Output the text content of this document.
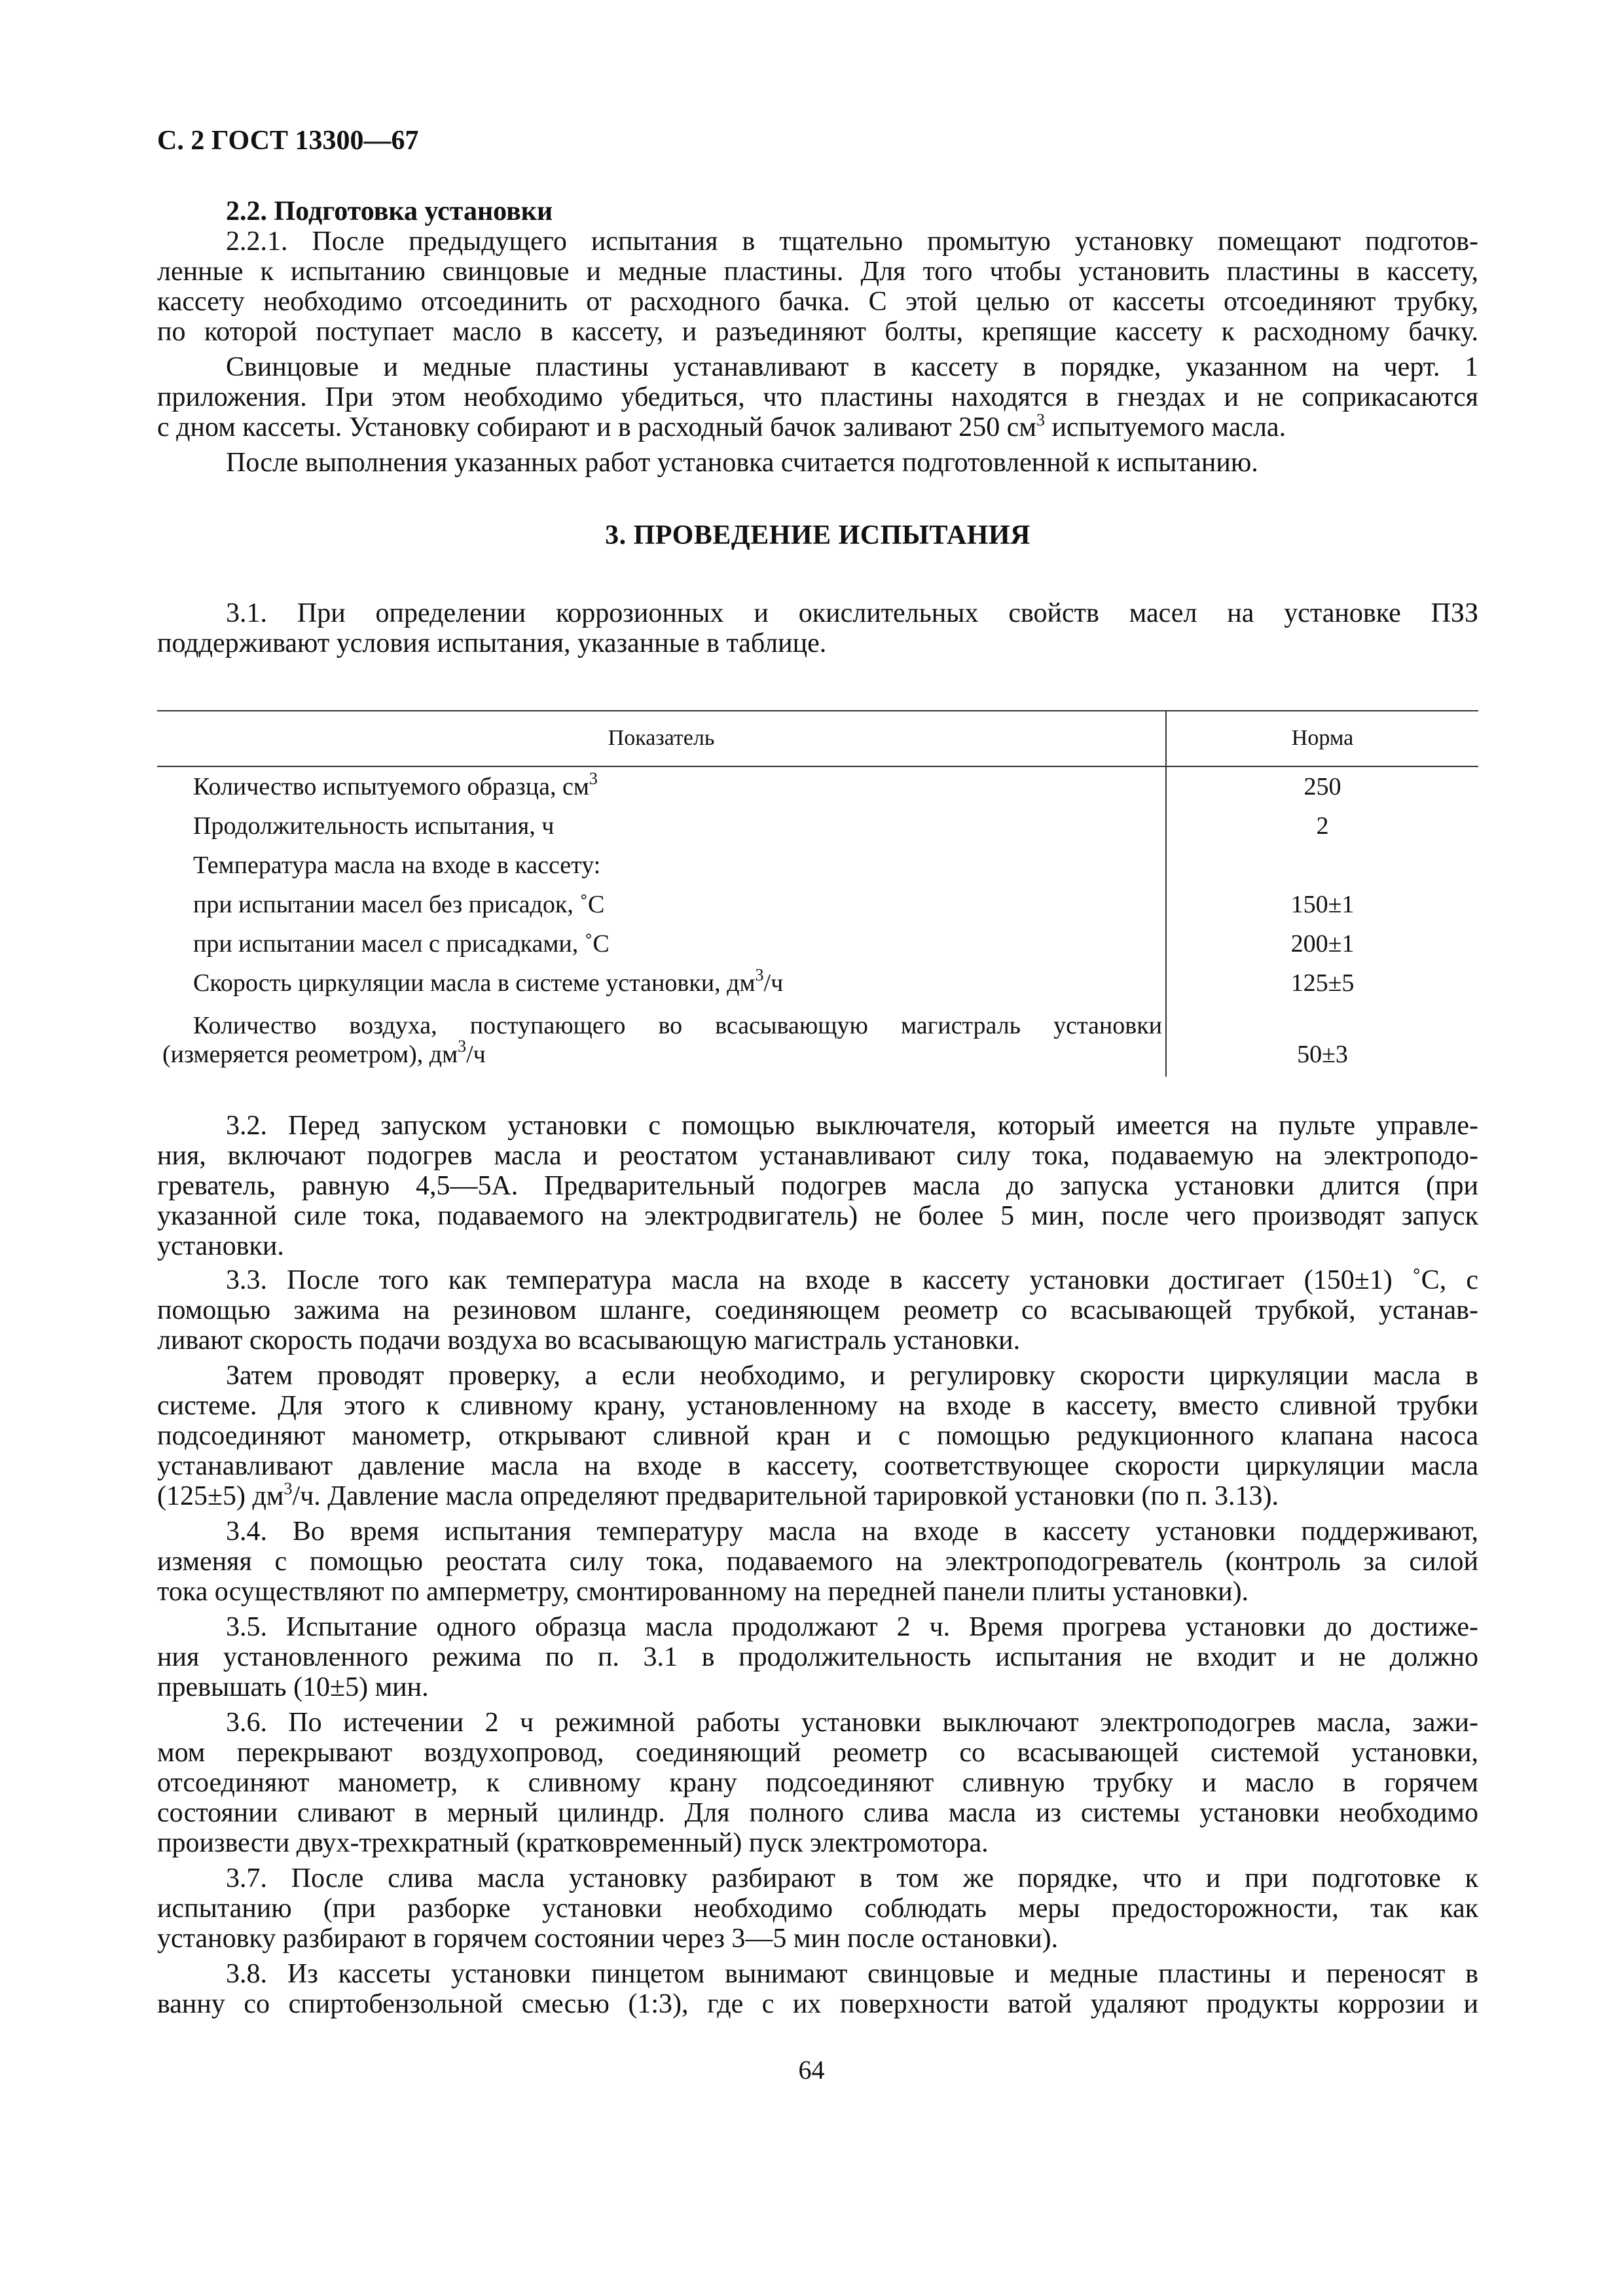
С. 2 ГОСТ 13300—67
2.2. Подготовка установки
2.2.1. После предыдущего испытания в тщательно промытую установку помещают подготов-
ленные к испытанию свинцовые и медные пластины. Для того чтобы установить пластины в кассету,
кассету необходимо отсоединить от расходного бачка. С этой целью от кассеты отсоединяют трубку,
по которой поступает масло в кассету, и разъединяют болты, крепящие кассету к расходному бачку.
Свинцовые и медные пластины устанавливают в кассету в порядке, указанном на черт. 1
приложения. При этом необходимо убедиться, что пластины находятся в гнездах и не соприкасаются
с дном кассеты. Установку собирают и в расходный бачок заливают 250 $см^3$ испытуемого масла.
После выполнения указанных работ установка считается подготовленной к испытанию.
3. ПРОВЕДЕНИЕ ИСПЫТАНИЯ
3.1. При определении коррозионных и окислительных свойств масел на установке ПЗЗ
поддерживают условия испытания, указанные в таблице.
Показатель	Норма
Количество испытуемого образца, $см^3$	250
Продолжительность испытания, ч	2
Температура масла на входе в кассету:
при испытании масел без присадок, ˚С	150±1
при испытании масел с присадками, ˚С	200±1
Скорость циркуляции масла в системе установки, $дм^3/ч$	125±5
Количество воздуха, поступающего во всасывающую магистраль установки
(измеряется реометром), $дм^3/ч$	50±3
3.2. Перед запуском установки с помощью выключателя, который имеется на пульте управле-
ния, включают подогрев масла и реостатом устанавливают силу тока, подаваемую на электроподо-
греватель, равную 4,5—5А. Предварительный подогрев масла до запуска установки длится (при
указанной силе тока, подаваемого на электродвигатель) не более 5 мин, после чего производят запуск
установки.
3.3. После того как температура масла на входе в кассету установки достигает (150±1) ˚С, с
помощью зажима на резиновом шланге, соединяющем реометр со всасывающей трубкой, устанав-
ливают скорость подачи воздуха во всасывающую магистраль установки.
Затем проводят проверку, а если необходимо, и регулировку скорости циркуляции масла в
системе. Для этого к сливному крану, установленному на входе в кассету, вместо сливной трубки
подсоединяют манометр, открывают сливной кран и с помощью редукционного клапана насоса
устанавливают давление масла на входе в кассету, соответствующее скорости циркуляции масла
(125±5) $дм^3/ч$. Давление масла определяют предварительной тарировкой установки (по п. 3.13).
3.4. Во время испытания температуру масла на входе в кассету установки поддерживают,
изменяя с помощью реостата силу тока, подаваемого на электроподогреватель (контроль за силой
тока осуществляют по амперметру, смонтированному на передней панели плиты установки).
3.5. Испытание одного образца масла продолжают 2 ч. Время прогрева установки до достиже-
ния установленного режима по п. 3.1 в продолжительность испытания не входит и не должно
превышать (10±5) мин.
3.6. По истечении 2 ч режимной работы установки выключают электроподогрев масла, зажи-
мом перекрывают воздухопровод, соединяющий реометр со всасывающей системой установки,
отсоединяют манометр, к сливному крану подсоединяют сливную трубку и масло в горячем
состоянии сливают в мерный цилиндр. Для полного слива масла из системы установки необходимо
произвести двух-трехкратный (кратковременный) пуск электромотора.
3.7. После слива масла установку разбирают в том же порядке, что и при подготовке к
испытанию (при разборке установки необходимо соблюдать меры предосторожности, так как
установку разбирают в горячем состоянии через 3—5 мин после остановки).
3.8. Из кассеты установки пинцетом вынимают свинцовые и медные пластины и переносят в
ванну со спиртобензольной смесью (1:3), где с их поверхности ватой удаляют продукты коррозии и
64
